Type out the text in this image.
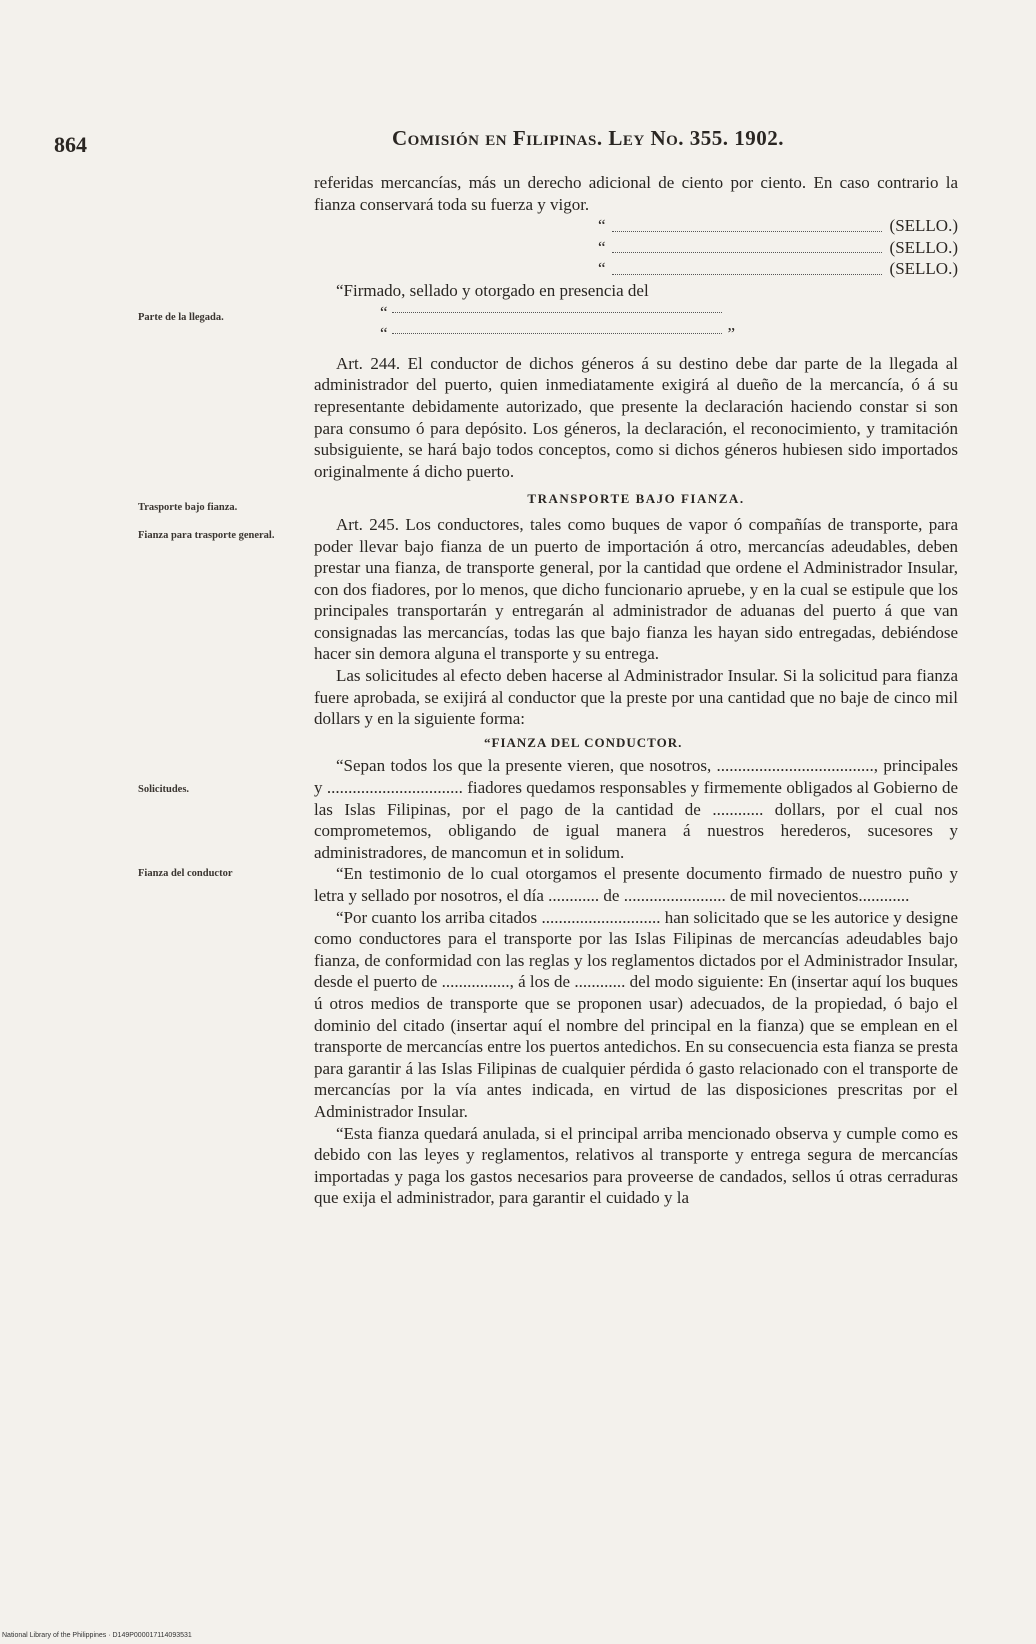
864	Comisión en Filipinas. Ley No. 355. 1902.
Parte de la llegada.
Trasporte bajo fianza.
Fianza para trasporte general.
Solicitudes.
Fianza del conductor

referidas mercancías, más un derecho adicional de ciento por ciento. En caso contrario la fianza conservará toda su fuerza y vigor.

“	(SELLO.)
“	(SELLO.)
“	(SELLO.)

“Firmado, sellado y otorgado en presencia del

“
“	”

Art. 244. El conductor de dichos géneros á su destino debe dar parte de la llegada al administrador del puerto, quien inmediatamente exigirá al dueño de la mercancía, ó á su representante debidamente autorizado, que presente la declaración haciendo constar si son para consumo ó para depósito. Los géneros, la declaración, el reconocimiento, y tramitación subsiguiente, se hará bajo todos conceptos, como si dichos géneros hubiesen sido importados originalmente á dicho puerto.

TRANSPORTE BAJO FIANZA.

Art. 245. Los conductores, tales como buques de vapor ó compañías de transporte, para poder llevar bajo fianza de un puerto de importación á otro, mercancías adeudables, deben prestar una fianza, de transporte general, por la cantidad que ordene el Administrador Insular, con dos fiadores, por lo menos, que dicho funcionario apruebe, y en la cual se estipule que los principales transportarán y entregarán al administrador de aduanas del puerto á que van consignadas las mercancías, todas las que bajo fianza les hayan sido entregadas, debiéndose hacer sin demora alguna el transporte y su entrega.

Las solicitudes al efecto deben hacerse al Administrador Insular. Si la solicitud para fianza fuere aprobada, se exijirá al conductor que la preste por una cantidad que no baje de cinco mil dollars y en la siguiente forma:

“FIANZA DEL CONDUCTOR.

“Sepan todos los que la presente vieren, que nosotros, ....................................., principales y ................................ fiadores quedamos responsables y firmemente obligados al Gobierno de las Islas Filipinas, por el pago de la cantidad de ............ dollars, por el cual nos comprometemos, obligando de igual manera á nuestros herederos, sucesores y administradores, de mancomun et in solidum.

“En testimonio de lo cual otorgamos el presente documento firmado de nuestro puño y letra y sellado por nosotros, el día ............ de ........................ de mil novecientos............

“Por cuanto los arriba citados ............................ han solicitado que se les autorice y designe como conductores para el transporte por las Islas Filipinas de mercancías adeudables bajo fianza, de conformidad con las reglas y los reglamentos dictados por el Administrador Insular, desde el puerto de ................, á los de ............ del modo siguiente: En (insertar aquí los buques ú otros medios de transporte que se proponen usar) adecuados, de la propiedad, ó bajo el dominio del citado (insertar aquí el nombre del principal en la fianza) que se emplean en el transporte de mercancías entre los puertos antedichos. En su consecuencia esta fianza se presta para garantir á las Islas Filipinas de cualquier pérdida ó gasto relacionado con el transporte de mercancías por la vía antes indicada, en virtud de las disposiciones prescritas por el Administrador Insular.

“Esta fianza quedará anulada, si el principal arriba mencionado observa y cumple como es debido con las leyes y reglamentos, relativos al transporte y entrega segura de mercancías importadas y paga los gastos necesarios para proveerse de candados, sellos ú otras cerraduras que exija el administrador, para garantir el cuidado y la

National Library of the Philippines · D149P000017114093531
